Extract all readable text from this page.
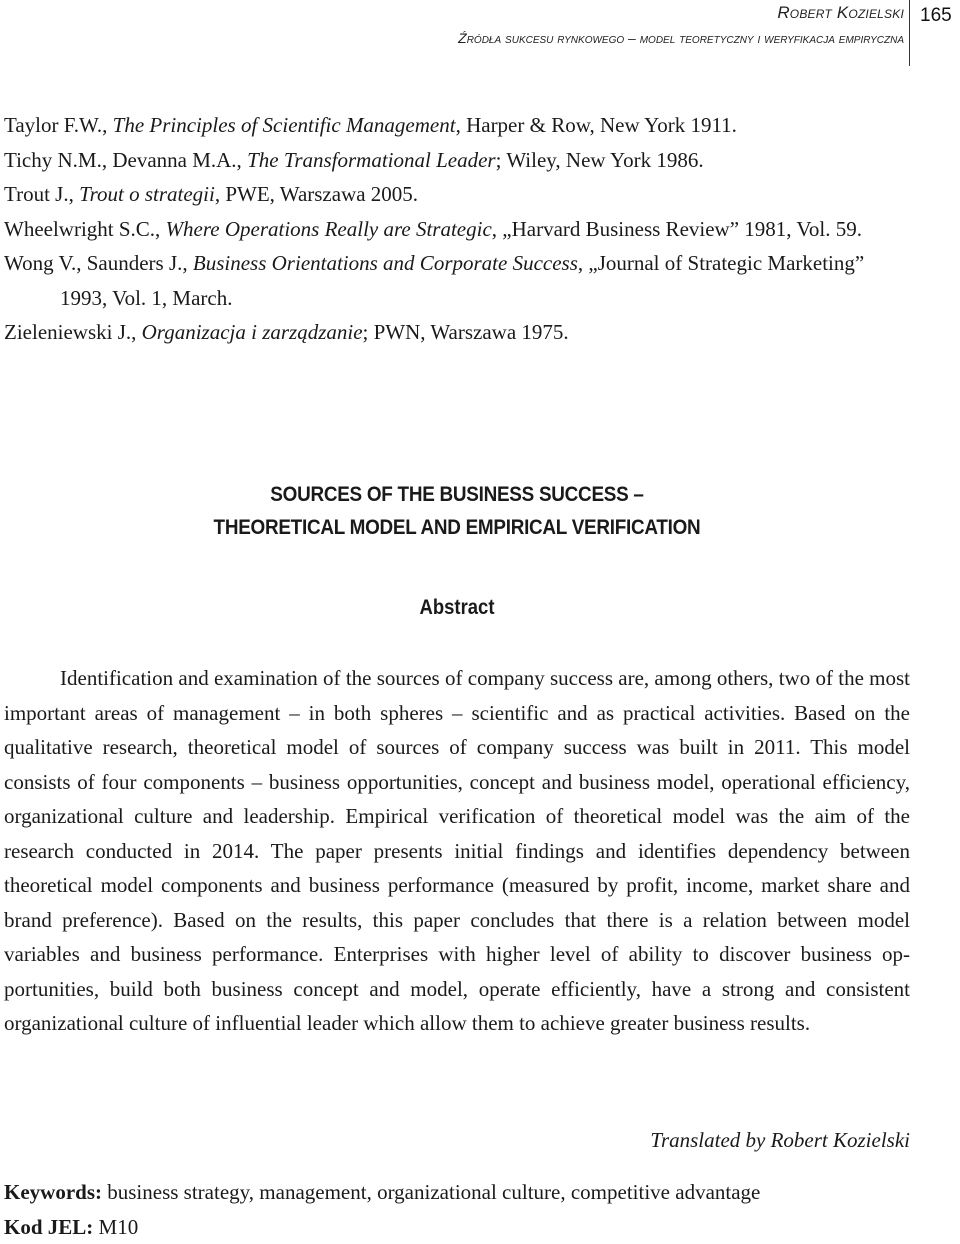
Robert Kozielski
Źródła sukcesu rynkowego – model teoretyczny i weryfikacja empiryczna
165
Taylor F.W., The Principles of Scientific Management, Harper & Row, New York 1911.
Tichy N.M., Devanna M.A., The Transformational Leader; Wiley, New York 1986.
Trout J., Trout o strategii, PWE, Warszawa 2005.
Wheelwright S.C., Where Operations Really are Strategic, „Harvard Business Review” 1981, Vol. 59.
Wong V., Saunders J., Business Orientations and Corporate Success, „Journal of Strategic Marketing” 1993, Vol. 1, March.
Zieleniewski J., Organizacja i zarządzanie; PWN, Warszawa 1975.
SOURCES OF THE BUSINESS SUCCESS –
THEORETICAL MODEL AND EMPIRICAL VERIFICATION
Abstract
Identification and examination of the sources of company success are, among others, two of the most important areas of management – in both spheres – scientific and as practical activities. Based on the qualitative research, theoretical model of sources of company success was built in 2011. This model consists of four components – business opportunities, concept and business model, operational efficiency, organizational culture and leadership. Empirical verification of theoretical model was the aim of the research conducted in 2014. The paper presents initial findings and identifies dependency between theoretical model components and business performance (measured by profit, income, market share and brand preference). Based on the results, this paper concludes that there is a relation between model variables and business performance. Enterprises with higher level of ability to discover business opportunities, build both business concept and model, operate efficiently, have a strong and consistent organizational culture of influential leader which allow them to achieve greater business results.
Translated by Robert Kozielski
Keywords: business strategy, management, organizational culture, competitive advantage
Kod JEL: M10
